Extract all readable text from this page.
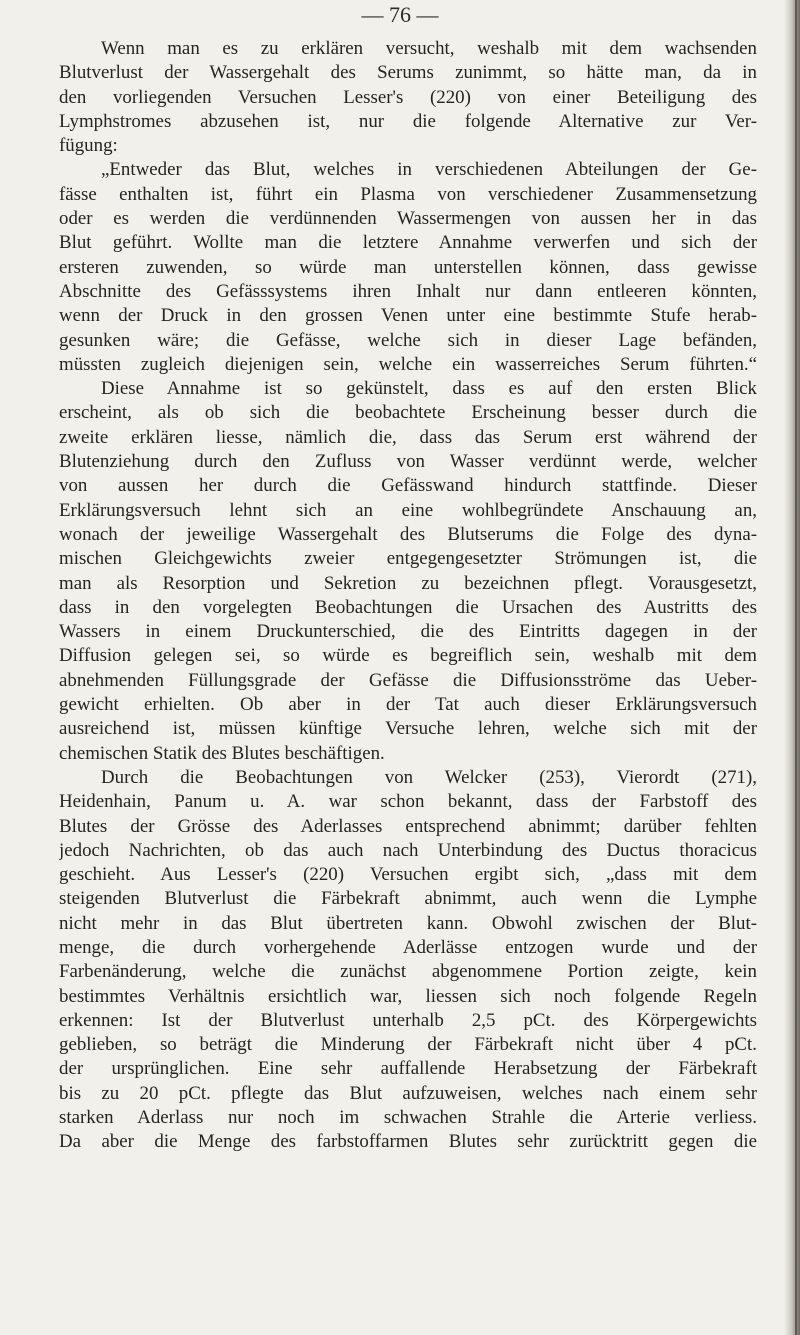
— 76 —
Wenn man es zu erklären versucht, weshalb mit dem wachsenden
Blutverlust der Wassergehalt des Serums zunimmt, so hätte man, da in
den vorliegenden Versuchen Lesser's (220) von einer Beteiligung des
Lymphstromes abzusehen ist, nur die folgende Alternative zur Ver-
fügung:
„Entweder das Blut, welches in verschiedenen Abteilungen der Ge-
fässe enthalten ist, führt ein Plasma von verschiedener Zusammensetzung
oder es werden die verdünnenden Wassermengen von aussen her in das
Blut geführt. Wollte man die letztere Annahme verwerfen und sich der
ersteren zuwenden, so würde man unterstellen können, dass gewisse
Abschnitte des Gefässsystems ihren Inhalt nur dann entleeren könnten,
wenn der Druck in den grossen Venen unter eine bestimmte Stufe herab-
gesunken wäre; die Gefässe, welche sich in dieser Lage befänden,
müssten zugleich diejenigen sein, welche ein wasserreiches Serum führten.“
Diese Annahme ist so gekünstelt, dass es auf den ersten Blick
erscheint, als ob sich die beobachtete Erscheinung besser durch die
zweite erklären liesse, nämlich die, dass das Serum erst während der
Blutenziehung durch den Zufluss von Wasser verdünnt werde, welcher
von aussen her durch die Gefässwand hindurch stattfinde. Dieser
Erklärungsversuch lehnt sich an eine wohlbegründete Anschauung an,
wonach der jeweilige Wassergehalt des Blutserums die Folge des dyna-
mischen Gleichgewichts zweier entgegengesetzter Strömungen ist, die
man als Resorption und Sekretion zu bezeichnen pflegt. Vorausgesetzt,
dass in den vorgelegten Beobachtungen die Ursachen des Austritts des
Wassers in einem Druckunterschied, die des Eintritts dagegen in der
Diffusion gelegen sei, so würde es begreiflich sein, weshalb mit dem
abnehmenden Füllungsgrade der Gefässe die Diffusionsströme das Ueber-
gewicht erhielten. Ob aber in der Tat auch dieser Erklärungsversuch
ausreichend ist, müssen künftige Versuche lehren, welche sich mit der
chemischen Statik des Blutes beschäftigen.
Durch die Beobachtungen von Welcker (253), Vierordt (271),
Heidenhain, Panum u. A. war schon bekannt, dass der Farbstoff des
Blutes der Grösse des Aderlasses entsprechend abnimmt; darüber fehlten
jedoch Nachrichten, ob das auch nach Unterbindung des Ductus thoracicus
geschieht. Aus Lesser's (220) Versuchen ergibt sich, „dass mit dem
steigenden Blutverlust die Färbekraft abnimmt, auch wenn die Lymphe
nicht mehr in das Blut übertreten kann. Obwohl zwischen der Blut-
menge, die durch vorhergehende Aderlässe entzogen wurde und der
Farbenänderung, welche die zunächst abgenommene Portion zeigte, kein
bestimmtes Verhältnis ersichtlich war, liessen sich noch folgende Regeln
erkennen: Ist der Blutverlust unterhalb 2,5 pCt. des Körpergewichts
geblieben, so beträgt die Minderung der Färbekraft nicht über 4 pCt.
der ursprünglichen. Eine sehr auffallende Herabsetzung der Färbekraft
bis zu 20 pCt. pflegte das Blut aufzuweisen, welches nach einem sehr
starken Aderlass nur noch im schwachen Strahle die Arterie verliess.
Da aber die Menge des farbstoffarmen Blutes sehr zurücktritt gegen die
